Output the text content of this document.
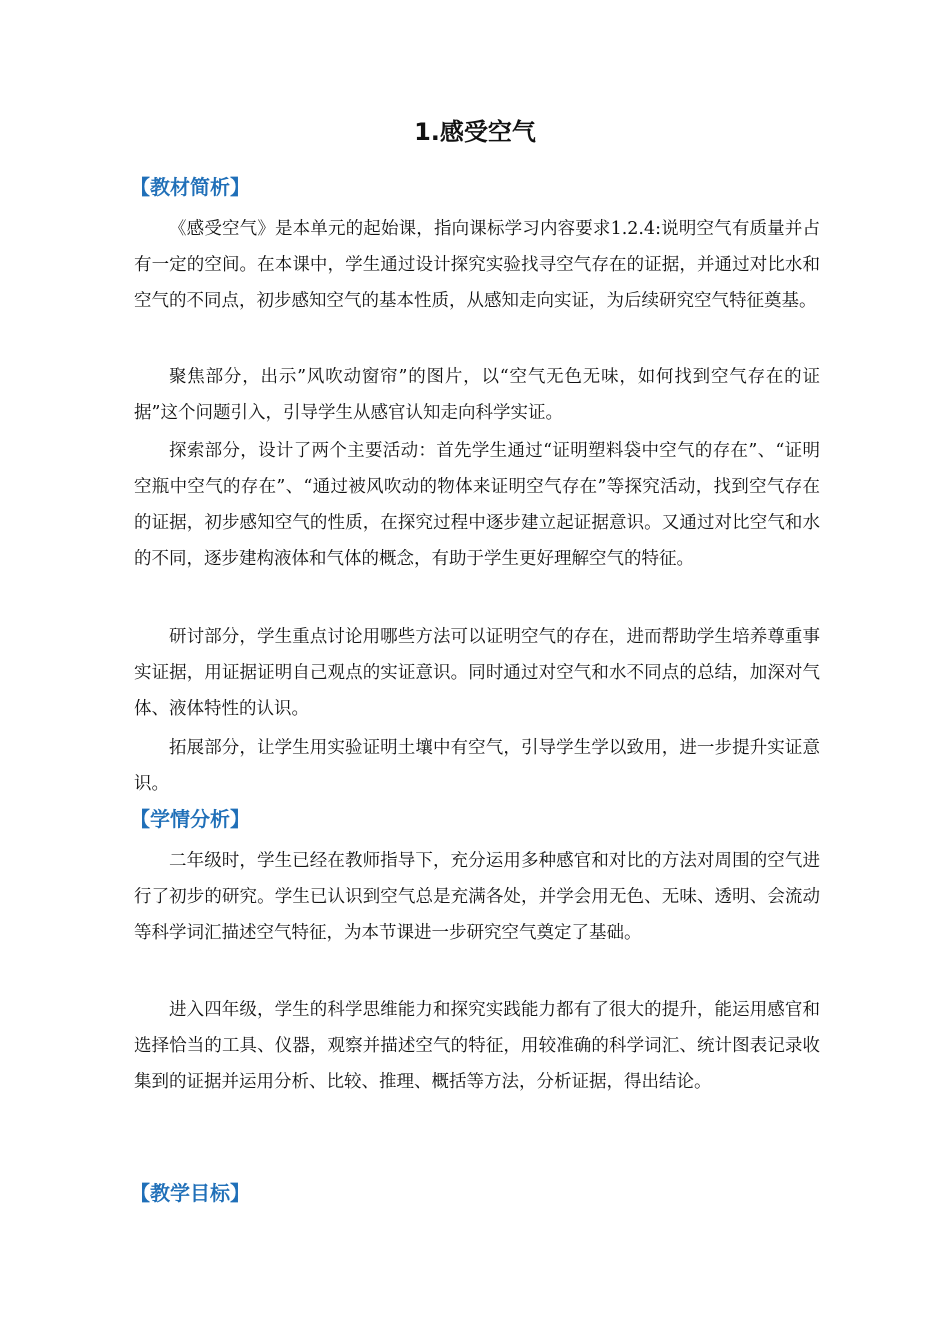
1.感受空气
【教材简析】

《感受空气》是本单元的起始课，指向课标学习内容要求1.2.4:说明空气有质量并占有一定的空间。在本课中，学生通过设计探究实验找寻空气存在的证据，并通过对比水和空气的不同点，初步感知空气的基本性质，从感知走向实证，为后续研究空气特征奠基。

聚焦部分，出示”风吹动窗帘”的图片，以“空气无色无味，如何找到空气存在的证据”这个问题引入，引导学生从感官认知走向科学实证。

探索部分，设计了两个主要活动：首先学生通过“证明塑料袋中空气的存在”、“证明空瓶中空气的存在”、“通过被风吹动的物体来证明空气存在”等探究活动，找到空气存在的证据，初步感知空气的性质，在探究过程中逐步建立起证据意识。又通过对比空气和水的不同，逐步建构液体和气体的概念，有助于学生更好理解空气的特征。

研讨部分，学生重点讨论用哪些方法可以证明空气的存在，进而帮助学生培养尊重事实证据，用证据证明自己观点的实证意识。同时通过对空气和水不同点的总结，加深对气体、液体特性的认识。

拓展部分，让学生用实验证明土壤中有空气，引导学生学以致用，进一步提升实证意识。

【学情分析】

二年级时，学生已经在教师指导下，充分运用多种感官和对比的方法对周围的空气进行了初步的研究。学生已认识到空气总是充满各处，并学会用无色、无味、透明、会流动等科学词汇描述空气特征，为本节课进一步研究空气奠定了基础。

进入四年级，学生的科学思维能力和探究实践能力都有了很大的提升，能运用感官和选择恰当的工具、仪器，观察并描述空气的特征，用较准确的科学词汇、统计图表记录收集到的证据并运用分析、比较、推理、概括等方法，分析证据，得出结论。

【教学目标】
